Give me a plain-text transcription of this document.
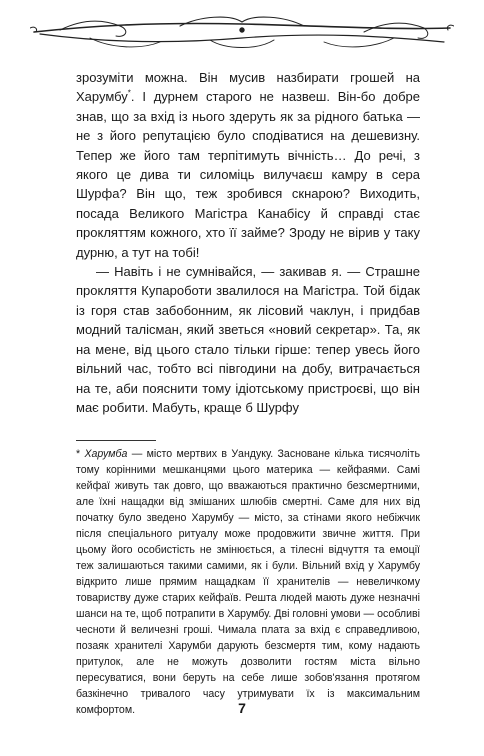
зрозуміти можна. Він мусив назбирати грошей на Харумбу*. І дурнем старого не назвеш. Він-бо добре знав, що за вхід із нього здеруть як за рідного батька — не з його репутацією було сподіватися на дешевизну. Тепер же його там терпітимуть вічність… До речі, з якого це дива ти силоміць вилучаєш камру в сера Шурфа? Він що, теж зробився скнарою? Виходить, посада Великого Магістра Канабісу й справді стає прокляттям кожного, хто її займе? Зроду не вірив у таку дурню, а тут на тобі!

— Навіть і не сумнівайся, — закивав я. — Страшне прокляття Купароботи звалилося на Магістра. Той бідак із горя став забобонним, як лісовий чаклун, і придбав модний талісман, який зветься «новий секретар». Та, як на мене, від цього стало тільки гірше: тепер увесь його вільний час, тобто всі півгодини на добу, витрачається на те, аби пояснити тому ідіотському пристроєві, що він має робити. Мабуть, краще б Шурфу

* Харумба — місто мертвих в Уандуку. Засноване кілька тисячоліть тому корінними мешканцями цього материка — кейфаями. Самі кейфаї живуть так довго, що вважаються практично безсмертними, але їхні нащадки від змішаних шлюбів смертні. Саме для них від початку було зведено Харумбу — місто, за стінами якого небіжчик після спеціального ритуалу може продовжити звичне життя. При цьому його особистість не змінюється, а тілесні відчуття та емоції теж залишаються такими самими, як і були. Вільний вхід у Харумбу відкрито лише прямим нащадкам її хранителів — невеличкому товариству дуже старих кейфаїв. Решта людей мають дуже незначні шанси на те, щоб потрапити в Харумбу. Дві головні умови — особливі чесноти й величезні гроші. Чимала плата за вхід є справедливою, позаяк хранителі Харумби дарують безсмертя тим, кому надають притулок, але не можуть дозволити гостям міста вільно пересуватися, вони беруть на себе лише зобов'язання протягом базкінечно тривалого часу утримувати їх із максимальним комфортом.	7
